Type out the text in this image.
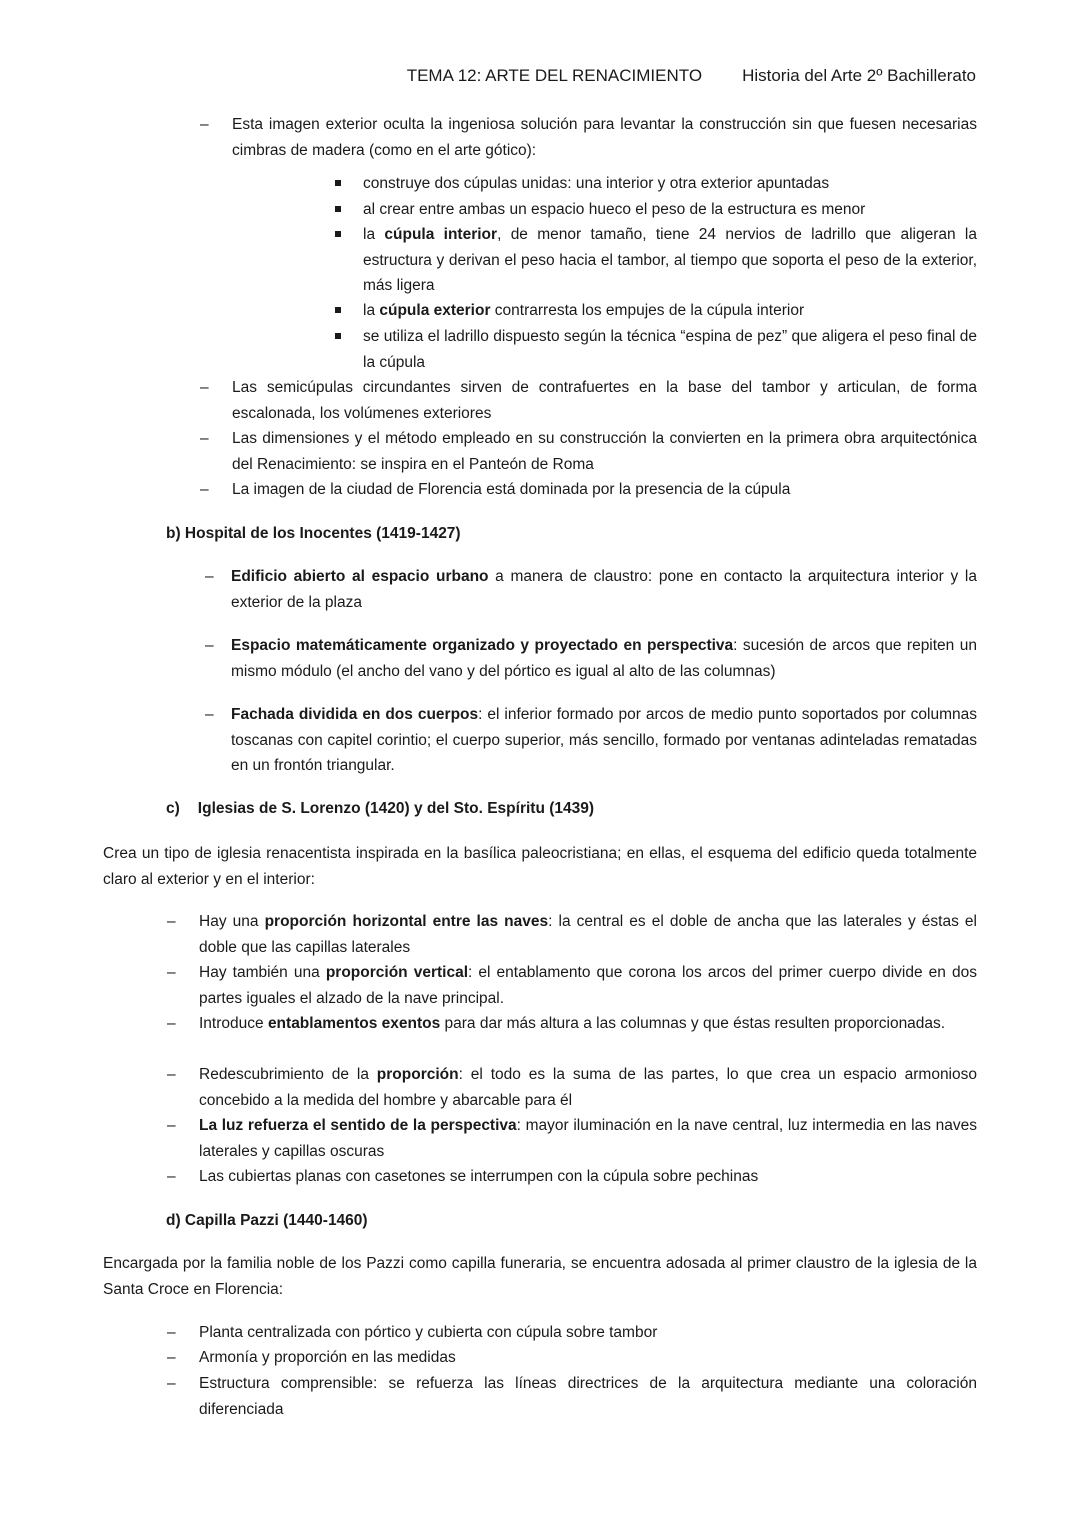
TEMA 12: ARTE DEL RENACIMIENTO Historia del Arte 2º Bachillerato
– Esta imagen exterior oculta la ingeniosa solución para levantar la construcción sin que fuesen necesarias cimbras de madera (como en el arte gótico):
construye dos cúpulas unidas: una interior y otra exterior apuntadas
al crear entre ambas un espacio hueco el peso de la estructura es menor
la cúpula interior, de menor tamaño, tiene 24 nervios de ladrillo que aligeran la estructura y derivan el peso hacia el tambor, al tiempo que soporta el peso de la exterior, más ligera
la cúpula exterior contrarresta los empujes de la cúpula interior
se utiliza el ladrillo dispuesto según la técnica “espina de pez” que aligera el peso final de la cúpula
– Las semicúpulas circundantes sirven de contrafuertes en la base del tambor y articulan, de forma escalonada, los volúmenes exteriores
– Las dimensiones y el método empleado en su construcción la convierten en la primera obra arquitectónica del Renacimiento: se inspira en el Panteón de Roma
– La imagen de la ciudad de Florencia está dominada por la presencia de la cúpula
b) Hospital de los Inocentes (1419-1427)
– Edificio abierto al espacio urbano a manera de claustro: pone en contacto la arquitectura interior y la exterior de la plaza
– Espacio matemáticamente organizado y proyectado en perspectiva: sucesión de arcos que repiten un mismo módulo (el ancho del vano y del pórtico es igual al alto de las columnas)
– Fachada dividida en dos cuerpos: el inferior formado por arcos de medio punto soportados por columnas toscanas con capitel corintio; el cuerpo superior, más sencillo, formado por ventanas adinteladas rematadas en un frontón triangular.
c) Iglesias de S. Lorenzo (1420) y del Sto. Espíritu (1439)
Crea un tipo de iglesia renacentista inspirada en la basílica paleocristiana; en ellas, el esquema del edificio queda totalmente claro al exterior y en el interior:
– Hay una proporción horizontal entre las naves: la central es el doble de ancha que las laterales y éstas el doble que las capillas laterales
– Hay también una proporción vertical: el entablamento que corona los arcos del primer cuerpo divide en dos partes iguales el alzado de la nave principal.
– Introduce entablamentos exentos para dar más altura a las columnas y que éstas resulten proporcionadas.
– Redescubrimiento de la proporción: el todo es la suma de las partes, lo que crea un espacio armonioso concebido a la medida del hombre y abarcable para él
– La luz refuerza el sentido de la perspectiva: mayor iluminación en la nave central, luz intermedia en las naves laterales y capillas oscuras
– Las cubiertas planas con casetones se interrumpen con la cúpula sobre pechinas
d) Capilla Pazzi (1440-1460)
Encargada por la familia noble de los Pazzi como capilla funeraria, se encuentra adosada al primer claustro de la iglesia de la Santa Croce en Florencia:
– Planta centralizada con pórtico y cubierta con cúpula sobre tambor
– Armonía y proporción en las medidas
– Estructura comprensible: se refuerza las líneas directrices de la arquitectura mediante una coloración diferenciada
